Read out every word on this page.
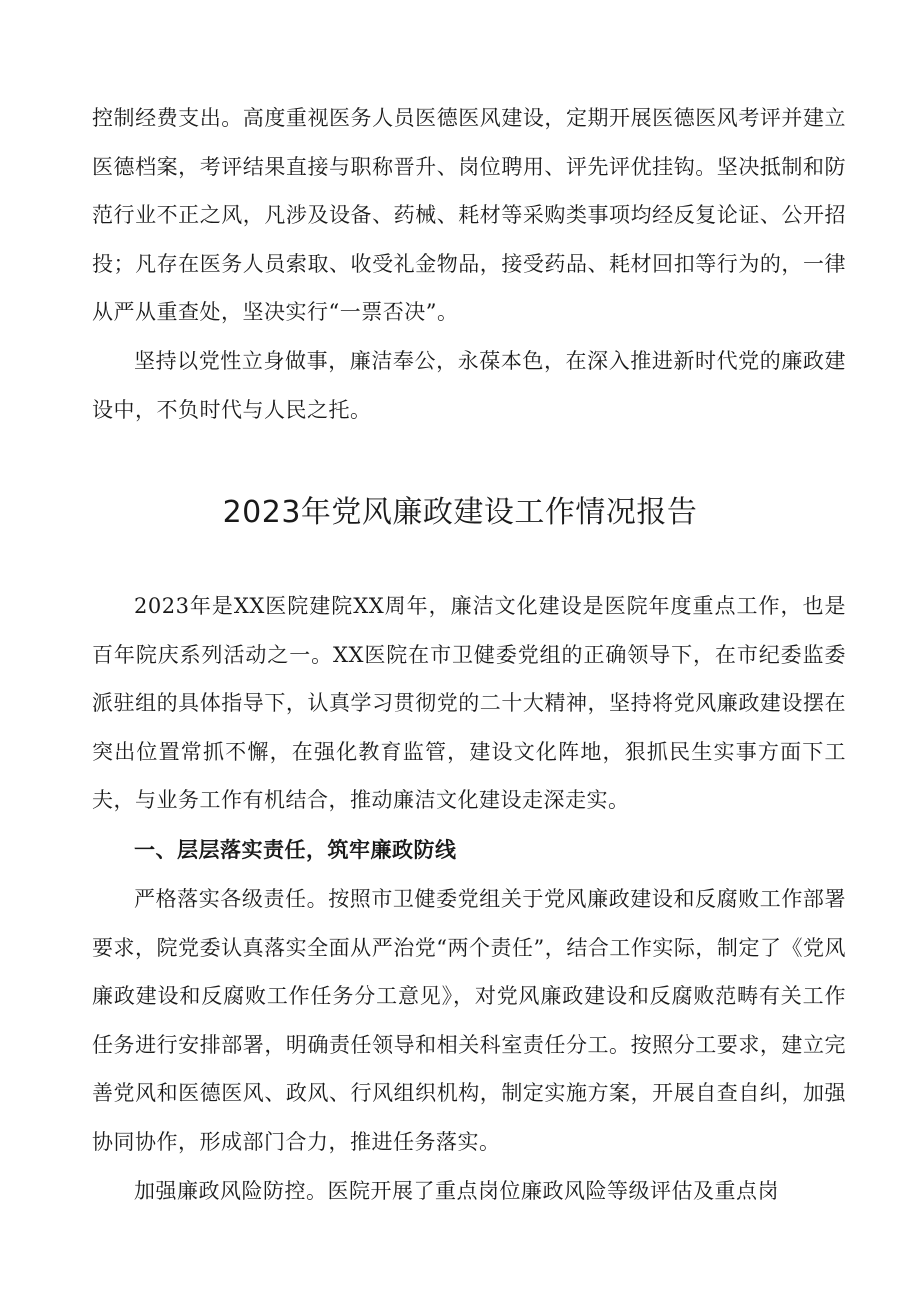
控制经费支出。高度重视医务人员医德医风建设，定期开展医德医风考评并建立医德档案，考评结果直接与职称晋升、岗位聘用、评先评优挂钩。坚决抵制和防范行业不正之风，凡涉及设备、药械、耗材等采购类事项均经反复论证、公开招投；凡存在医务人员索取、收受礼金物品，接受药品、耗材回扣等行为的，一律从严从重查处，坚决实行“一票否决”。

坚持以党性立身做事，廉洁奉公，永葆本色，在深入推进新时代党的廉政建设中，不负时代与人民之托。

2023年党风廉政建设工作情况报告

2023年是XX医院建院XX周年，廉洁文化建设是医院年度重点工作，也是百年院庆系列活动之一。XX医院在市卫健委党组的正确领导下，在市纪委监委派驻组的具体指导下，认真学习贯彻党的二十大精神，坚持将党风廉政建设摆在突出位置常抓不懈，在强化教育监管，建设文化阵地，狠抓民生实事方面下工夫，与业务工作有机结合，推动廉洁文化建设走深走实。

一、层层落实责任，筑牢廉政防线

严格落实各级责任。按照市卫健委党组关于党风廉政建设和反腐败工作部署要求，院党委认真落实全面从严治党“两个责任”，结合工作实际，制定了《党风廉政建设和反腐败工作任务分工意见》，对党风廉政建设和反腐败范畴有关工作任务进行安排部署，明确责任领导和相关科室责任分工。按照分工要求，建立完善党风和医德医风、政风、行风组织机构，制定实施方案，开展自查自纠，加强协同协作，形成部门合力，推进任务落实。

加强廉政风险防控。医院开展了重点岗位廉政风险等级评估及重点岗
